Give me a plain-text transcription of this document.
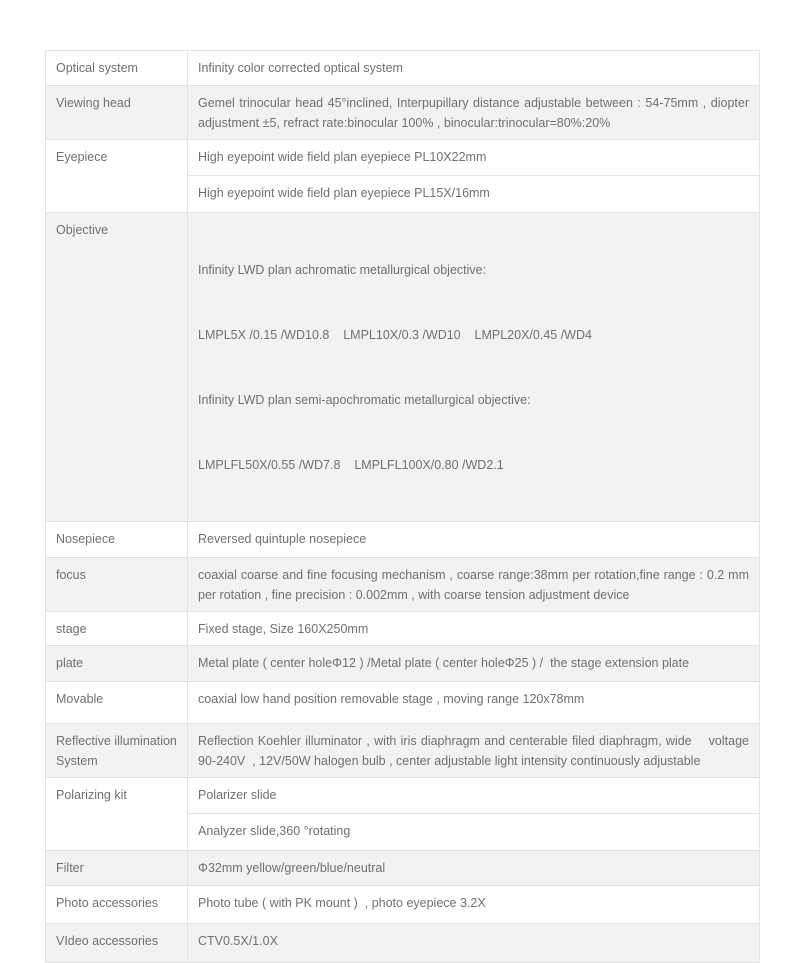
Optical system	Infinity color corrected optical system
Viewing head	Gemel trinocular head 45°inclined, Interpupillary distance adjustable between : 54-75mm , diopter adjustment ±5, refract rate:binocular 100% , binocular:trinocular=80%:20%
Eyepiece	High eyepoint wide field plan eyepiece PL10X22mm
	High eyepoint wide field plan eyepiece PL15X/16mm
Objective	Infinity LWD plan achromatic metallurgical objective:

LMPL5X /0.15 /WD10.8    LMPL10X/0.3 /WD10    LMPL20X/0.45 /WD4

Infinity LWD plan semi-apochromatic metallurgical objective:

LMPLFL50X/0.55 /WD7.8    LMPLFL100X/0.80 /WD2.1

Nosepiece	Reversed quintuple nosepiece
focus	coaxial coarse and fine focusing mechanism , coarse range:38mm per rotation,fine range : 0.2 mm per rotation , fine precision : 0.002mm , with coarse tension adjustment device
stage	Fixed stage, Size 160X250mm
plate	Metal plate ( center holeΦ12 ) /Metal plate ( center holeΦ25 ) /  the stage extension plate
Movable	coaxial low hand position removable stage , moving range 120x78mm
Reflective illumination System	Reflection Koehler illuminator , with iris diaphragm and centerable filed diaphragm, wide    voltage 90-240V  , 12V/50W halogen bulb , center adjustable light intensity continuously adjustable
Polarizing kit	Polarizer slide
	Analyzer slide,360 °rotating
Filter	Φ32mm yellow/green/blue/neutral
Photo accessories	Photo tube ( with PK mount )  , photo eyepiece 3.2X
VIdeo accessories	CTV0.5X/1.0X
